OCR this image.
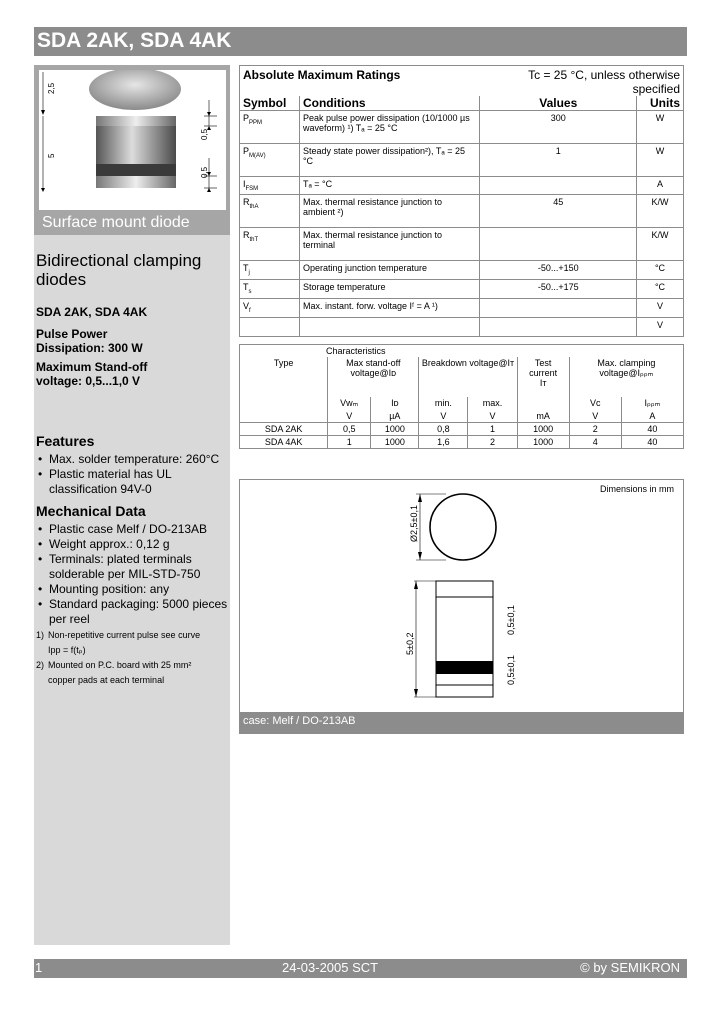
SDA 2AK, SDA 4AK
2,5
5
0,5
0,5
Surface mount diode
Bidirectional clamping diodes
SDA 2AK, SDA 4AK
Pulse Power
Dissipation: 300 W
Maximum Stand-off
voltage: 0,5...1,0 V
Features
• Max. solder temperature: 260°C
• Plastic material has UL classification 94V-0
Mechanical Data
• Plastic case Melf / DO-213AB
• Weight approx.: 0,12 g
• Terminals: plated terminals solderable per MIL-STD-750
• Mounting position: any
• Standard packaging: 5000 pieces per reel
1) Non-repetitive current pulse see curve
Ipp = f(tₚ)
2) Mounted on P.C. board with 25 mm²
copper pads at each terminal
Absolute Maximum Ratings		Tc = 25 °C, unless otherwise specified	
Symbol	Conditions	Values	Units
$P_{PPM}$	Peak pulse power dissipation (10/1000 µs waveform) ¹) Tₐ = 25 °C	300	W
$P_{M(AV)}$	Steady state power dissipation²), Tₐ = 25 °C	1	W
$I_{FSM}$	Tₐ = °C		A
$R_{thA}$	Max. thermal resistance junction to ambient ²)	45	K/W
$R_{thT}$	Max. thermal resistance junction to terminal		K/W
$T_j$	Operating junction temperature	-50...+150	°C
$T_s$	Storage temperature	-50...+175	°C
$V_f$	Max. instant. forw. voltage Iᶠ = A ¹)		V
			V
Characteristics							
Type	Max stand-off voltage@Iᴅ		Breakdown voltage@Iᴛ		Test current Iᴛ	Max. clamping voltage@Iₚₚₘ	
	Vᴡₘ	Iᴅ	min.	max.		Vᴄ	Iₚₚₘ
	V	µA	V	V	mA	V	A
SDA 2AK	0,5	1000	0,8	1	1000	2	40
SDA 4AK	1	1000	1,6	2	1000	4	40
Dimensions in mm
Ø2,5±0,1
5±0,2
0,5±0,1
0,5±0,1
case: Melf / DO-213AB
1	24-03-2005 SCT	© by SEMIKRON
